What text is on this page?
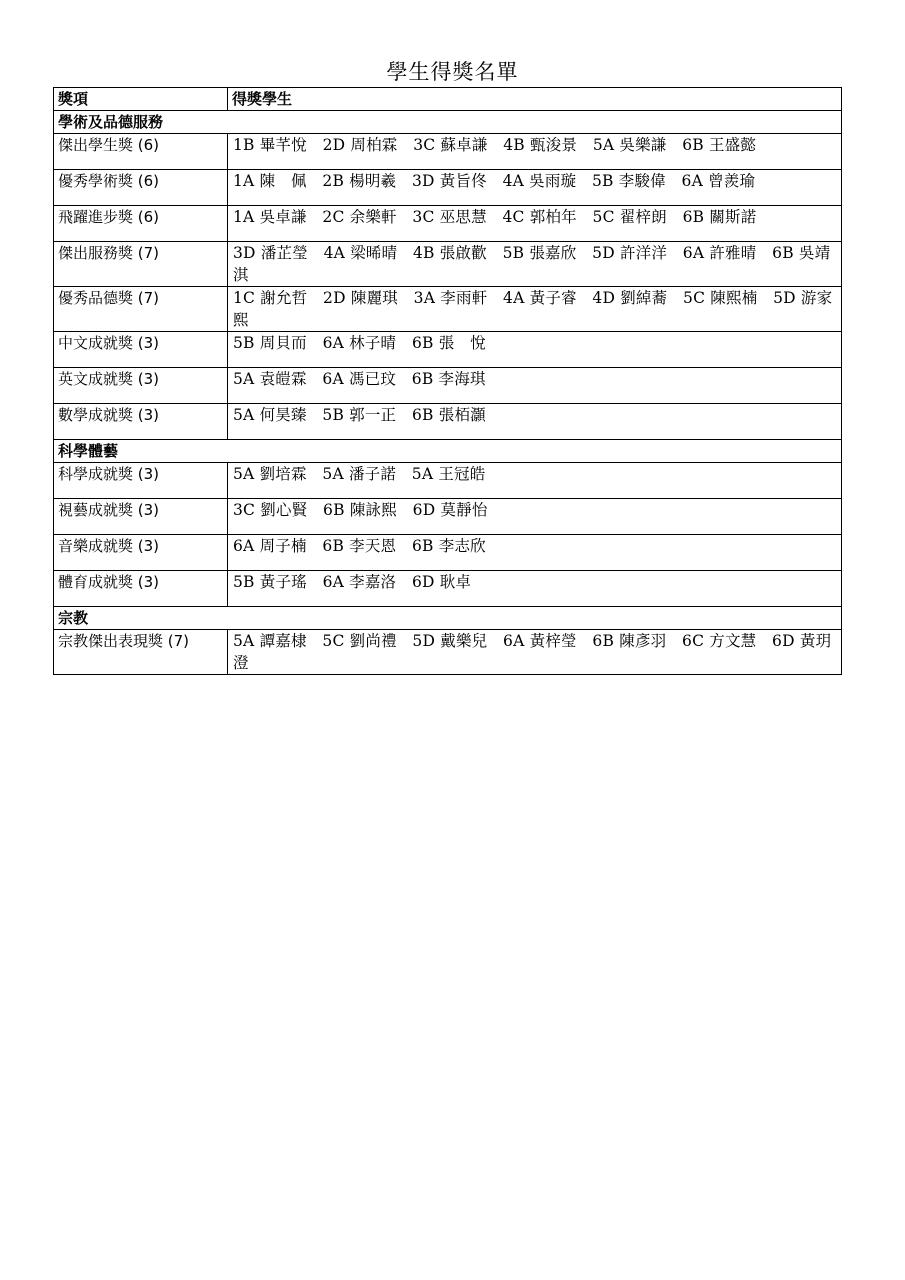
學生得獎名單
獎項	得獎學生
學術及品德服務	
傑出學生獎 (6)	1B 畢芊悅　2D 周柏霖　3C 蘇卓謙　4B 甄浚景　5A 吳樂謙　6B 王盛懿
優秀學術獎 (6)	1A 陳　佩　2B 楊明羲　3D 黃旨佟　4A 吳雨璇　5B 李駿偉　6A 曾羨瑜
飛躍進步獎 (6)	1A 吳卓謙　2C 余樂軒　3C 巫思慧　4C 郭柏年　5C 翟梓朗　6B 關斯諾
傑出服務獎 (7)	3D 潘芷瑩　4A 梁晞晴　4B 張啟歡　5B 張嘉欣　5D 許洋洋　6A 許雅晴　6B 吳靖淇
優秀品德獎 (7)	1C 謝允哲　2D 陳麗琪　3A 李雨軒　4A 黃子睿　4D 劉綽蕎　5C 陳熙楠　5D 游家熙
中文成就獎 (3)	5B 周貝而　6A 林子晴　6B 張　悅
英文成就獎 (3)	5A 袁皚霖　6A 馮已玟　6B 李海琪
數學成就獎 (3)	5A 何昊臻　5B 郭一正　6B 張栢灝
科學體藝	
科學成就獎 (3)	5A 劉培霖　5A 潘子諾　5A 王冠皓
視藝成就獎 (3)	3C 劉心賢　6B 陳詠熙　6D 莫靜怡
音樂成就獎 (3)	6A 周子楠　6B 李天恩　6B 李志欣
體育成就獎 (3)	5B 黃子瑤　6A 李嘉洛　6D 耿卓
宗教	
宗教傑出表現獎 (7)	5A 譚嘉棣　5C 劉尚禮　5D 戴樂兒　6A 黃梓瑩　6B 陳彥羽　6C 方文慧　6D 黃玥澄
